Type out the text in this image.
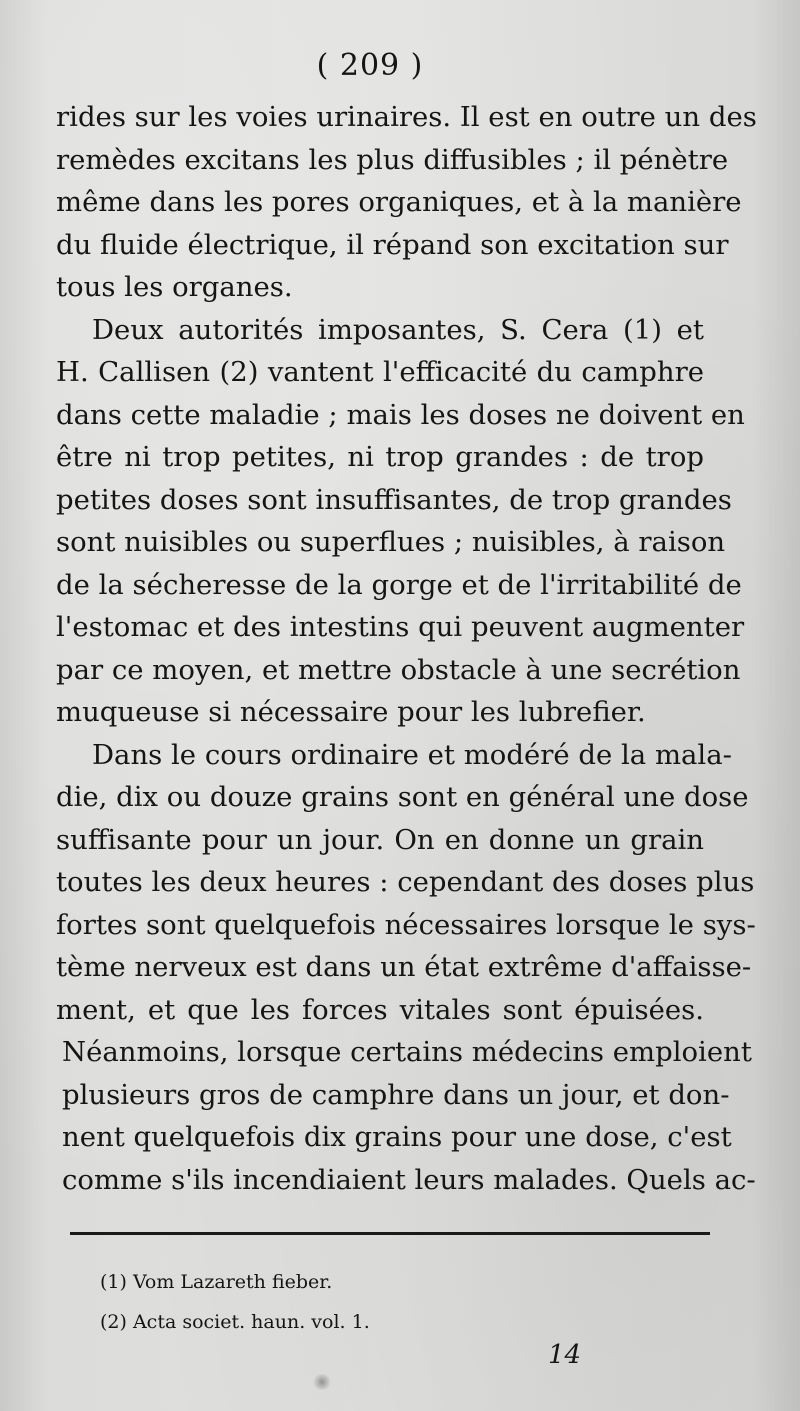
( 209 )
rides sur les voies urinaires. Il est en outre un des
remèdes excitans les plus diffusibles ; il pénètre
même dans les pores organiques, et à la manière
du fluide électrique, il répand son excitation sur
tous les organes.
Deux autorités imposantes, S. Cera (1) et
H. Callisen (2) vantent l'efficacité du camphre
dans cette maladie ; mais les doses ne doivent en
être ni trop petites, ni trop grandes : de trop
petites doses sont insuffisantes, de trop grandes
sont nuisibles ou superflues ; nuisibles, à raison
de la sécheresse de la gorge et de l'irritabilité de
l'estomac et des intestins qui peuvent augmenter
par ce moyen, et mettre obstacle à une secrétion
muqueuse si nécessaire pour les lubrefier.
Dans le cours ordinaire et modéré de la mala-
die, dix ou douze grains sont en général une dose
suffisante pour un jour. On en donne un grain
toutes les deux heures : cependant des doses plus
fortes sont quelquefois nécessaires lorsque le sys-
tème nerveux est dans un état extrême d'affaisse-
ment, et que les forces vitales sont épuisées.
Néanmoins, lorsque certains médecins emploient
plusieurs gros de camphre dans un jour, et don-
nent quelquefois dix grains pour une dose, c'est
comme s'ils incendiaient leurs malades. Quels ac-
(1) Vom Lazareth fieber.
(2) Acta societ. haun. vol. 1.
14
